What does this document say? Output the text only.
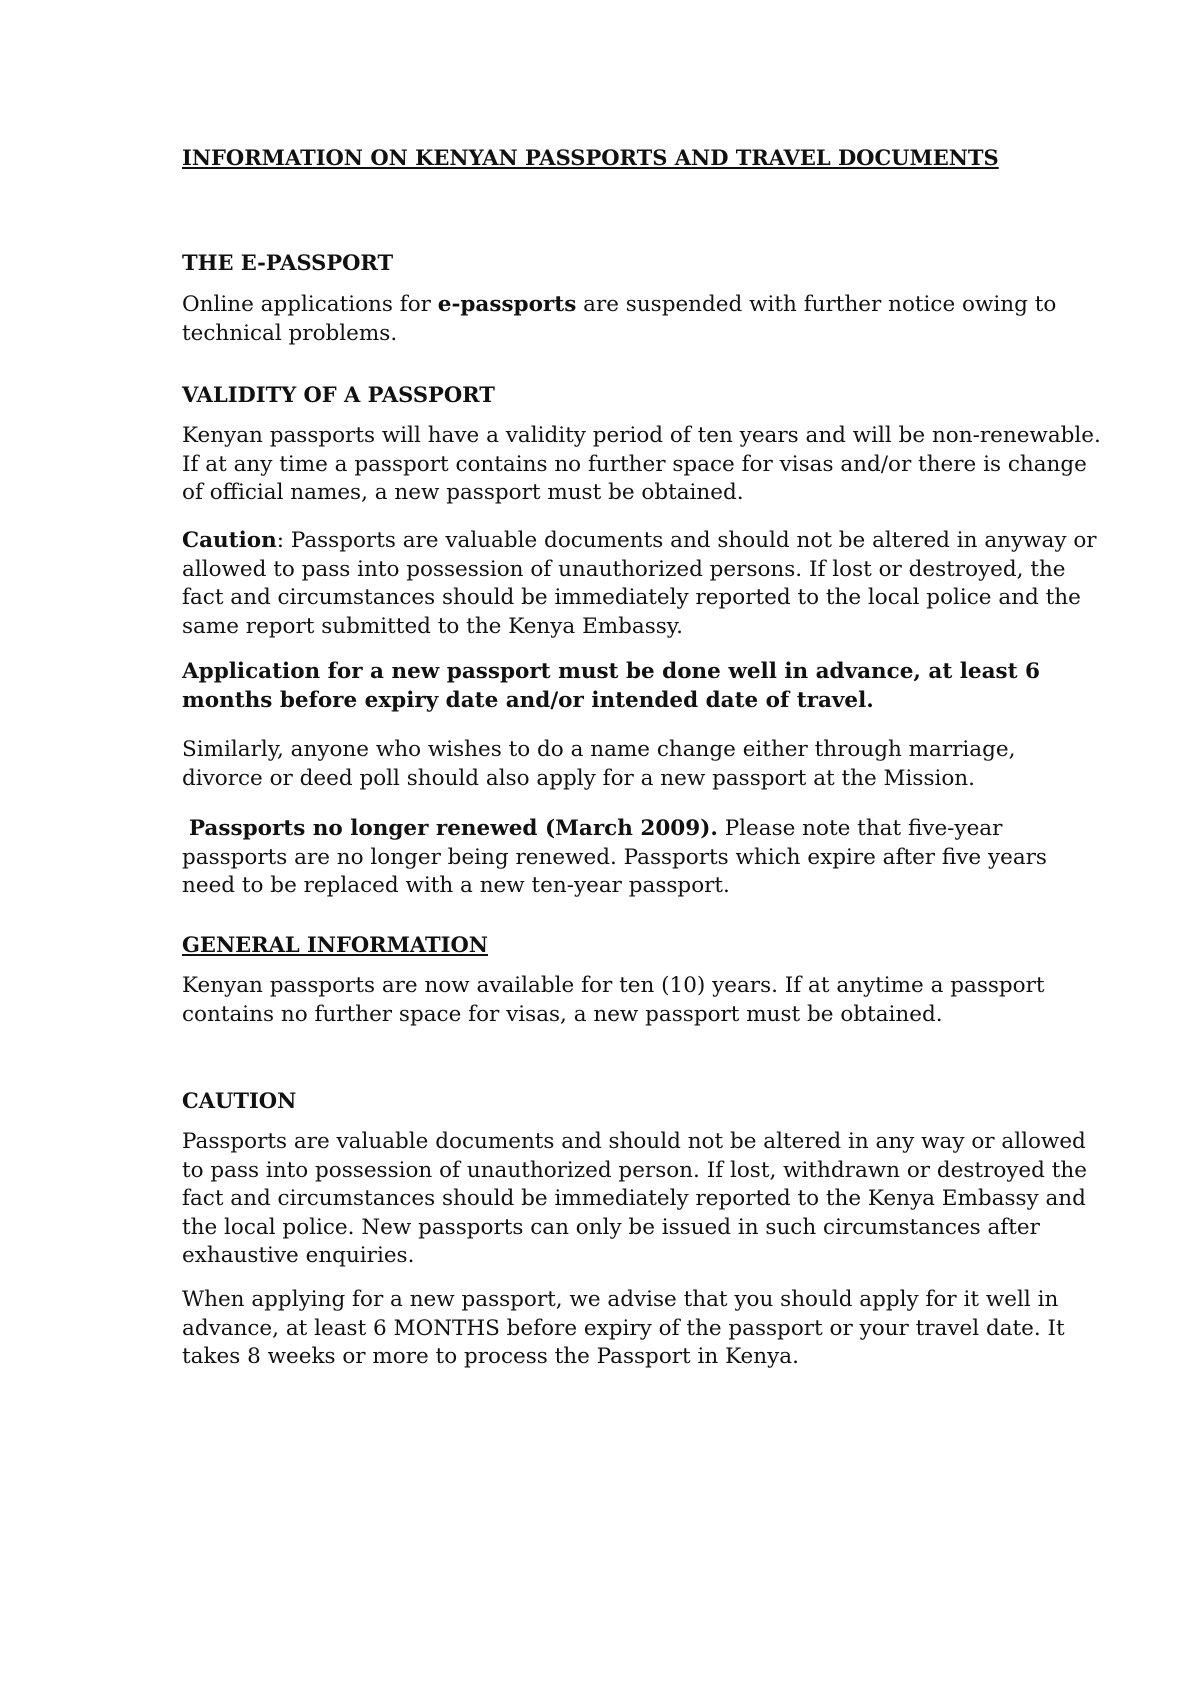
INFORMATION ON KENYAN PASSPORTS AND TRAVEL DOCUMENTS
THE E-PASSPORT

Online applications for e-passports are suspended with further notice owing to technical problems.

VALIDITY OF A PASSPORT

Kenyan passports will have a validity period of ten years and will be non-renewable. If at any time a passport contains no further space for visas and/or there is change of official names, a new passport must be obtained.

Caution: Passports are valuable documents and should not be altered in anyway or allowed to pass into possession of unauthorized persons. If lost or destroyed, the fact and circumstances should be immediately reported to the local police and the same report submitted to the Kenya Embassy.

Application for a new passport must be done well in advance, at least 6 months before expiry date and/or intended date of travel.

Similarly, anyone who wishes to do a name change either through marriage, divorce or deed poll should also apply for a new passport at the Mission.

Passports no longer renewed (March 2009). Please note that five-year passports are no longer being renewed. Passports which expire after five years need to be replaced with a new ten-year passport.

GENERAL INFORMATION

Kenyan passports are now available for ten (10) years. If at anytime a passport contains no further space for visas, a new passport must be obtained.

CAUTION

Passports are valuable documents and should not be altered in any way or allowed to pass into possession of unauthorized person. If lost, withdrawn or destroyed the fact and circumstances should be immediately reported to the Kenya Embassy and the local police. New passports can only be issued in such circumstances after exhaustive enquiries.

When applying for a new passport, we advise that you should apply for it well in advance, at least 6 MONTHS before expiry of the passport or your travel date. It takes 8 weeks or more to process the Passport in Kenya.
